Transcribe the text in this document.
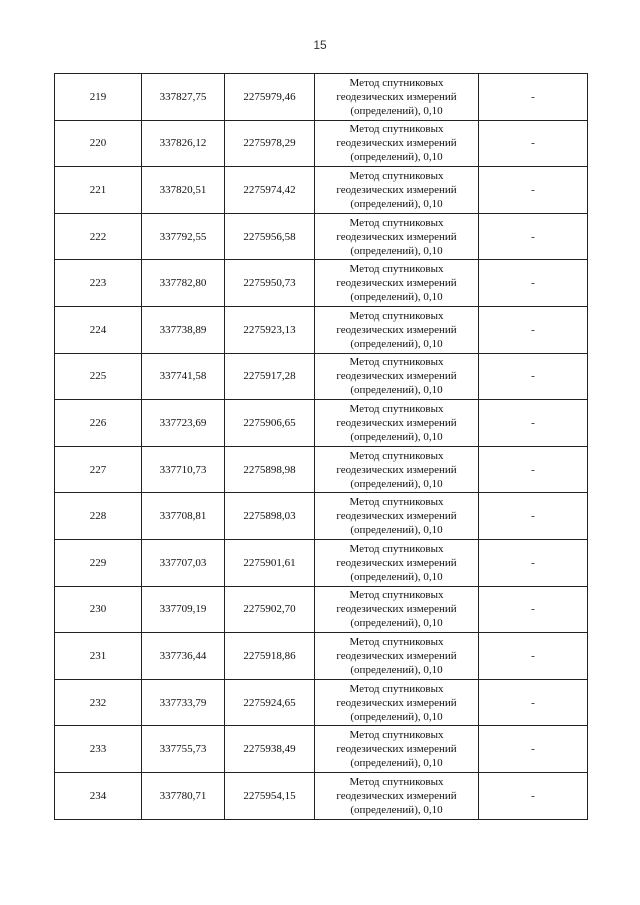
15
219	337827,75	2275979,46	Метод спутниковых
геодезических измерений
(определений), 0,10	-
220	337826,12	2275978,29	Метод спутниковых
геодезических измерений
(определений), 0,10	-
221	337820,51	2275974,42	Метод спутниковых
геодезических измерений
(определений), 0,10	-
222	337792,55	2275956,58	Метод спутниковых
геодезических измерений
(определений), 0,10	-
223	337782,80	2275950,73	Метод спутниковых
геодезических измерений
(определений), 0,10	-
224	337738,89	2275923,13	Метод спутниковых
геодезических измерений
(определений), 0,10	-
225	337741,58	2275917,28	Метод спутниковых
геодезических измерений
(определений), 0,10	-
226	337723,69	2275906,65	Метод спутниковых
геодезических измерений
(определений), 0,10	-
227	337710,73	2275898,98	Метод спутниковых
геодезических измерений
(определений), 0,10	-
228	337708,81	2275898,03	Метод спутниковых
геодезических измерений
(определений), 0,10	-
229	337707,03	2275901,61	Метод спутниковых
геодезических измерений
(определений), 0,10	-
230	337709,19	2275902,70	Метод спутниковых
геодезических измерений
(определений), 0,10	-
231	337736,44	2275918,86	Метод спутниковых
геодезических измерений
(определений), 0,10	-
232	337733,79	2275924,65	Метод спутниковых
геодезических измерений
(определений), 0,10	-
233	337755,73	2275938,49	Метод спутниковых
геодезических измерений
(определений), 0,10	-
234	337780,71	2275954,15	Метод спутниковых
геодезических измерений
(определений), 0,10	-
